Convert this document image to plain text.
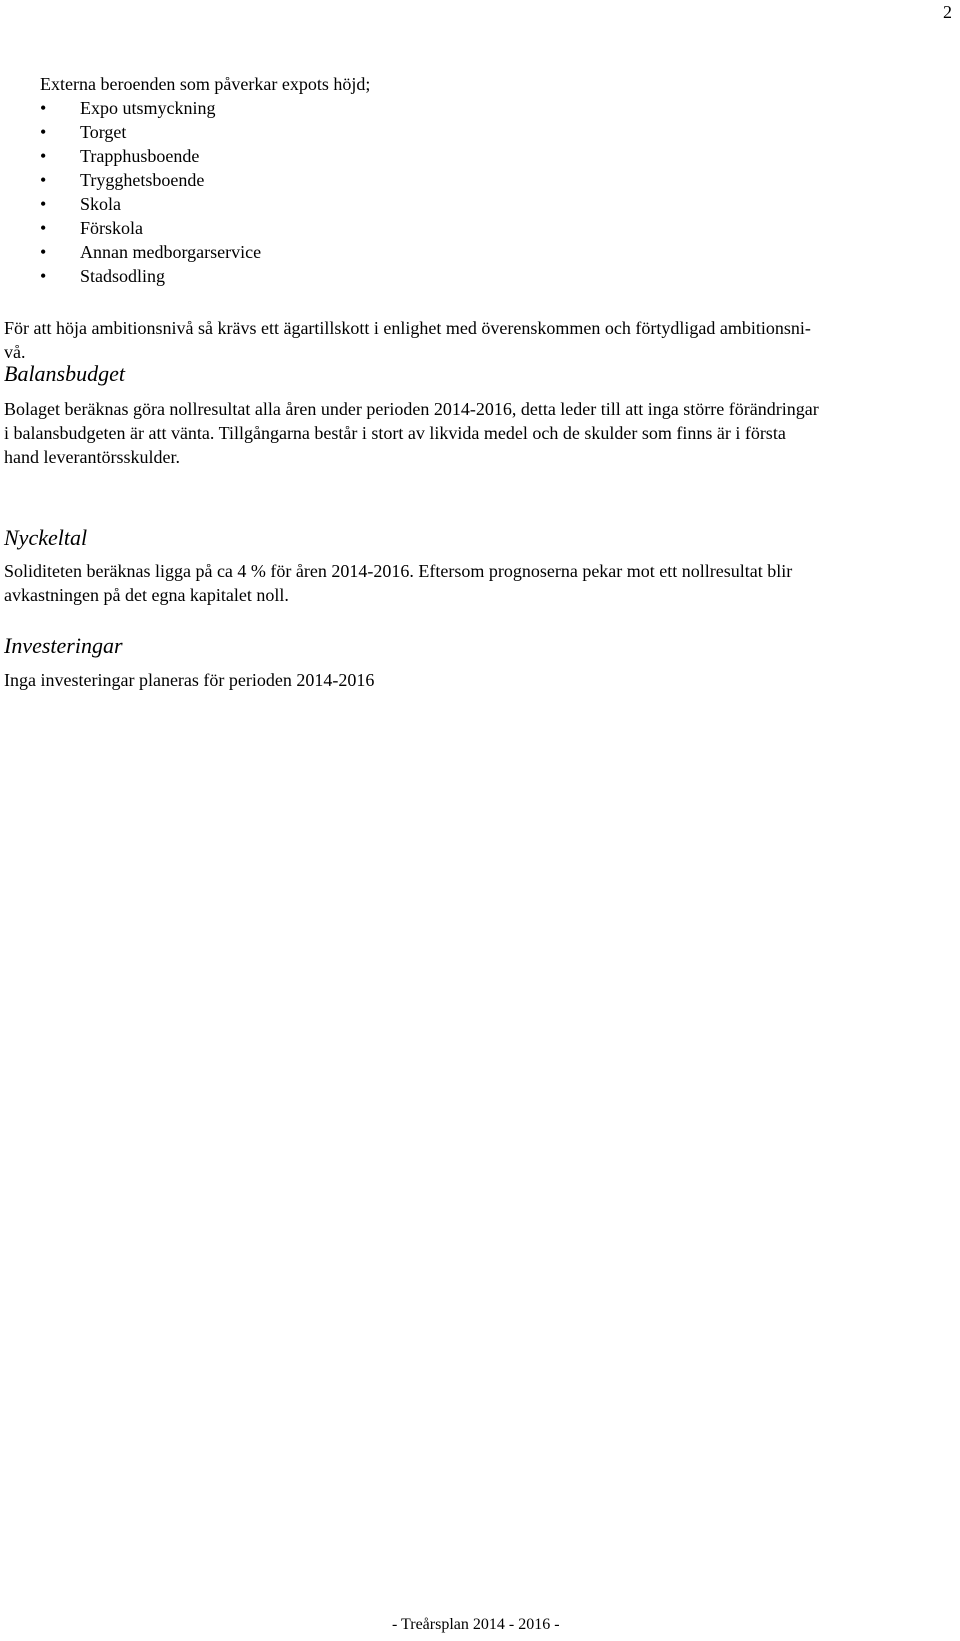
2

Externa beroenden som påverkar expots höjd;

• Expo utsmyckning
• Torget
• Trapphusboende
• Trygghetsboende
• Skola
• Förskola
• Annan medborgarservice
• Stadsodling

För att höja ambitionsnivå så krävs ett ägartillskott i enlighet med överenskommen och förtydligad ambitionsni-

vå.

Balansbudget

Bolaget beräknas göra nollresultat alla åren under perioden 2014-2016, detta leder till att inga större förändringar

i balansbudgeten är att vänta. Tillgångarna består i stort av likvida medel och de skulder som finns är i första

hand leverantörsskulder.

Nyckeltal

Soliditeten beräknas ligga på ca 4 % för åren 2014-2016. Eftersom prognoserna pekar mot ett nollresultat blir

avkastningen på det egna kapitalet noll.

Investeringar

Inga investeringar planeras för perioden 2014-2016

- Treårsplan 2014 - 2016 -
